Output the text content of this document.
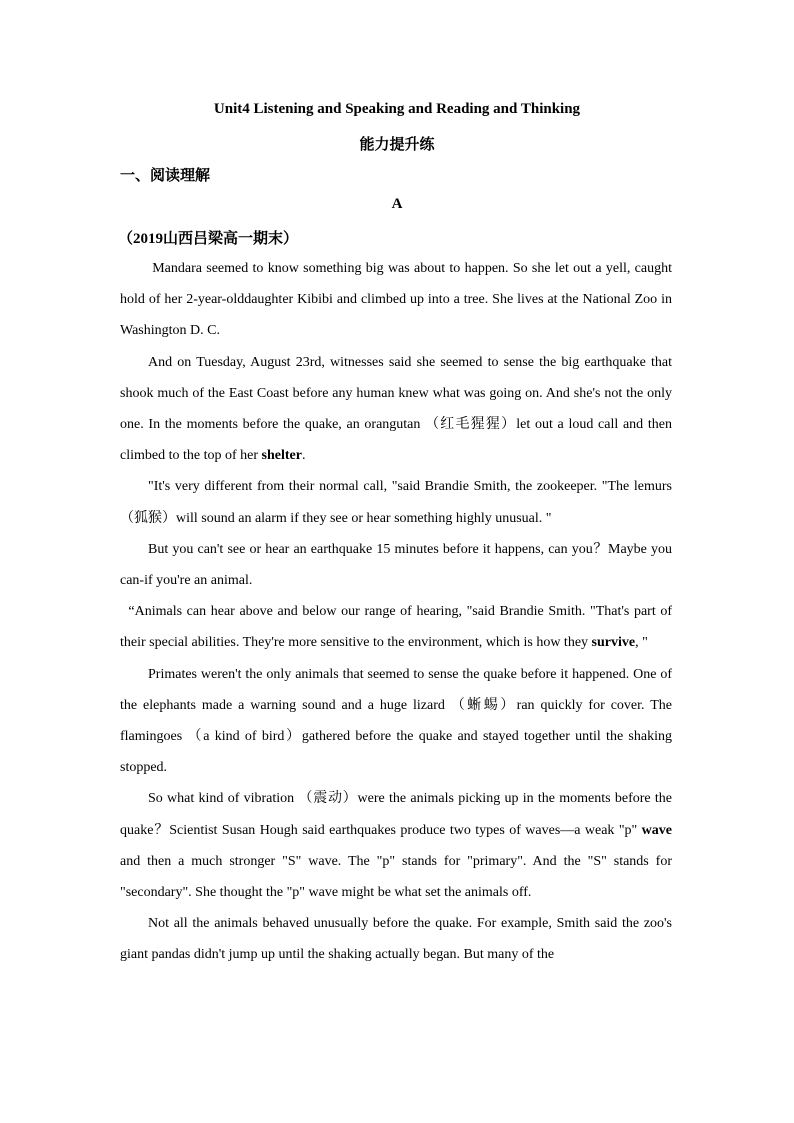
Unit4 Listening and Speaking and Reading and Thinking
能力提升练
一、阅读理解
A
（2019山西吕梁高一期末）

Mandara seemed to know something big was about to happen. So she let out a yell, caught hold of her 2-year-olddaughter Kibibi and climbed up into a tree. She lives at the National Zoo in Washington D. C.

And on Tuesday, August 23rd, witnesses said she seemed to sense the big earthquake that shook much of the East Coast before any human knew what was going on. And she's not the only one. In the moments before the quake, an orangutan （红毛猩猩）let out a loud call and then climbed to the top of her shelter.

"It's very different from their normal call, "said Brandie Smith, the zookeeper. "The lemurs （狐猴）will sound an alarm if they see or hear something highly unusual. "

But you can't see or hear an earthquake 15 minutes before it happens, can you？Maybe you can-if you're an animal.

“Animals can hear above and below our range of hearing, "said Brandie Smith. "That's part of their special abilities. They're more sensitive to the environment, which is how they survive, "

Primates weren't the only animals that seemed to sense the quake before it happened. One of the elephants made a warning sound and a huge lizard （蜥蜴）ran quickly for cover. The flamingoes （a kind of bird）gathered before the quake and stayed together until the shaking stopped.

So what kind of vibration （震动）were the animals picking up in the moments before the quake？Scientist Susan Hough said earthquakes produce two types of waves—a weak "p" wave and then a much stronger "S" wave. The "p" stands for "primary". And the "S" stands for "secondary". She thought the "p" wave might be what set the animals off.

Not all the animals behaved unusually before the quake. For example, Smith said the zoo's giant pandas didn't jump up until the shaking actually began. But many of the
